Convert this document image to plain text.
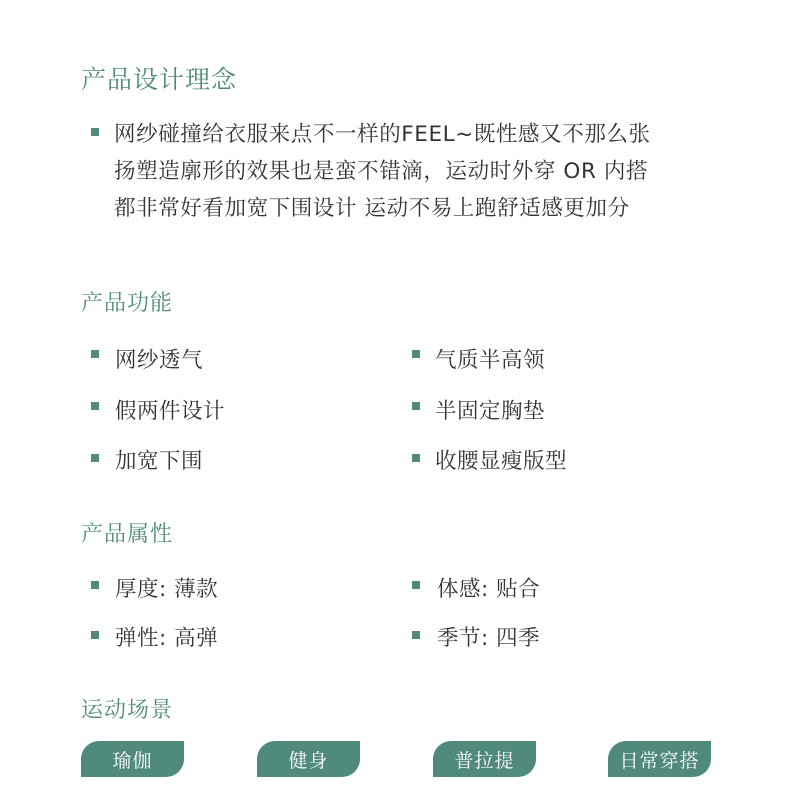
产品设计理念
网纱碰撞给衣服来点不一样的FEEL~既性感又不那么张
扬塑造廓形的效果也是蛮不错滴，运动时外穿 OR 内搭
都非常好看加宽下围设计 运动不易上跑舒适感更加分
产品功能
网纱透气	气质半高领
假两件设计	半固定胸垫
加宽下围	收腰显瘦版型
产品属性
厚度: 薄款	体感: 贴合
弹性: 高弹	季节: 四季
运动场景
瑜伽	健身	普拉提	日常穿搭
